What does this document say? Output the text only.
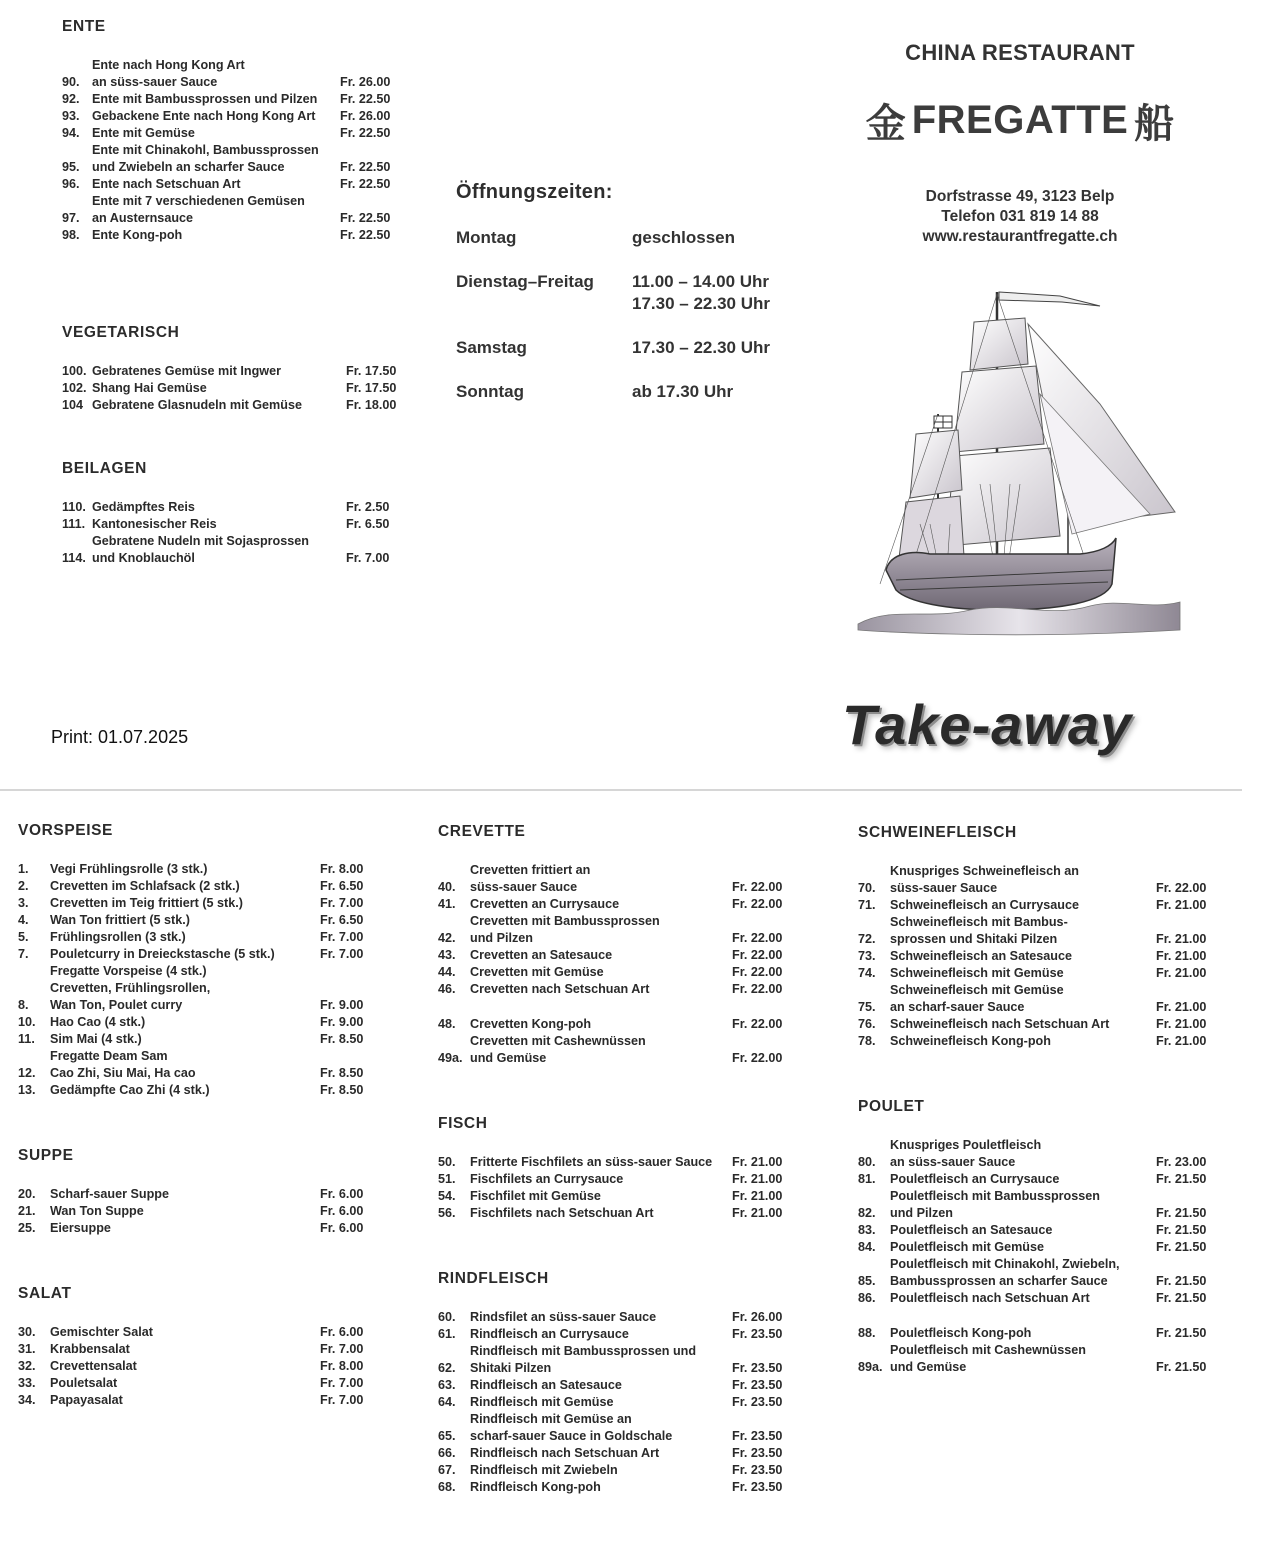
ENTE
90.
Ente nach Hong Kong Art
an süss-sauer Sauce	Fr. 26.00
92. Ente mit Bambussprossen und Pilzen	Fr. 22.50
93. Gebackene Ente nach Hong Kong Art	Fr. 26.00
94. Ente mit Gemüse	Fr. 22.50
95.
Ente mit Chinakohl, Bambussprossen
und Zwiebeln an scharfer Sauce	Fr. 22.50
96. Ente nach Setschuan Art	Fr. 22.50
97.
Ente mit 7 verschiedenen Gemüsen
an Austernsauce	Fr. 22.50
98. Ente Kong-poh	Fr. 22.50
VEGETARISCH
100. Gebratenes Gemüse mit Ingwer	Fr. 17.50
102. Shang Hai Gemüse	Fr. 17.50
104 Gebratene Glasnudeln mit Gemüse	Fr. 18.00
BEILAGEN
110. Gedämpftes Reis	Fr. 2.50
111. Kantonesischer Reis	Fr. 6.50
114.
Gebratene Nudeln mit Sojasprossen
und Knoblauchöl	Fr. 7.00
Öffnungszeiten:
Montag	geschlossen
Dienstag–Freitag	11.00 – 14.00 Uhr
17.30 – 22.30 Uhr
Samstag	17.30 – 22.30 Uhr
Sonntag	ab 17.30 Uhr
CHINA RESTAURANT
金 FREGATTE 船
Dorfstrasse 49, 3123 Belp
Telefon 031 819 14 88
www.restaurantfregatte.ch
Take-away
Print: 01.07.2025
VORSPEISE
1.	Vegi Frühlingsrolle (3 stk.)	Fr. 8.00
2.	Crevetten im Schlafsack (2 stk.)	Fr. 6.50
3.	Crevetten im Teig frittiert (5 stk.)	Fr. 7.00
4.	Wan Ton frittiert (5 stk.)	Fr. 6.50
5.	Frühlingsrollen (3 stk.)	Fr. 7.00
7.	Pouletcurry in Dreieckstasche (5 stk.)	Fr. 7.00
8.
Fregatte Vorspeise (4 stk.)
Crevetten, Frühlingsrollen,
Wan Ton, Poulet curry	Fr. 9.00
10.	Hao Cao (4 stk.)	Fr. 9.00
11.	Sim Mai (4 stk.)	Fr. 8.50
12.
Fregatte Deam Sam
Cao Zhi, Siu Mai, Ha cao	Fr. 8.50
13.	Gedämpfte Cao Zhi (4 stk.)	Fr. 8.50
SUPPE
20.	Scharf-sauer Suppe	Fr. 6.00
21.	Wan Ton Suppe	Fr. 6.00
25.	Eiersuppe	Fr. 6.00
SALAT
30.	Gemischter Salat	Fr. 6.00
31.	Krabbensalat	Fr. 7.00
32.	Crevettensalat	Fr. 8.00
33.	Pouletsalat	Fr. 7.00
34.	Papayasalat	Fr. 7.00
CREVETTE
40.
Crevetten frittiert an
süss-sauer Sauce	Fr. 22.00
41.	Crevetten an Currysauce	Fr. 22.00
42.
Crevetten mit Bambussprossen
und Pilzen	Fr. 22.00
43.	Crevetten an Satesauce	Fr. 22.00
44.	Crevetten mit Gemüse	Fr. 22.00
46.	Crevetten nach Setschuan Art	Fr. 22.00
48.	Crevetten Kong-poh	Fr. 22.00
49a.
Crevetten mit Cashewnüssen
und Gemüse	Fr. 22.00
FISCH
50.	Fritterte Fischfilets an süss-sauer Sauce	Fr. 21.00
51.	Fischfilets an Currysauce	Fr. 21.00
54.	Fischfilet mit Gemüse	Fr. 21.00
56.	Fischfilets nach Setschuan Art	Fr. 21.00
RINDFLEISCH
60.	Rindsfilet an süss-sauer Sauce	Fr. 26.00
61.	Rindfleisch an Currysauce	Fr. 23.50
62.
Rindfleisch mit Bambussprossen und
Shitaki Pilzen	Fr. 23.50
63.	Rindfleisch an Satesauce	Fr. 23.50
64.	Rindfleisch mit Gemüse	Fr. 23.50
65.
Rindfleisch mit Gemüse an
scharf-sauer Sauce in Goldschale	Fr. 23.50
66.	Rindfleisch nach Setschuan Art	Fr. 23.50
67.	Rindfleisch mit Zwiebeln	Fr. 23.50
68.	Rindfleisch Kong-poh	Fr. 23.50
SCHWEINEFLEISCH
70.
Knuspriges Schweinefleisch an
süss-sauer Sauce	Fr. 22.00
71.	Schweinefleisch an Currysauce	Fr. 21.00
72.
Schweinefleisch mit Bambus-
sprossen und Shitaki Pilzen	Fr. 21.00
73.	Schweinefleisch an Satesauce	Fr. 21.00
74.	Schweinefleisch mit Gemüse	Fr. 21.00
75.
Schweinefleisch mit Gemüse
an scharf-sauer Sauce	Fr. 21.00
76.	Schweinefleisch nach Setschuan Art	Fr. 21.00
78.	Schweinefleisch Kong-poh	Fr. 21.00
POULET
80.
Knuspriges Pouletfleisch
an süss-sauer Sauce	Fr. 23.00
81.	Pouletfleisch an Currysauce	Fr. 21.50
82.
Pouletfleisch mit Bambussprossen
und Pilzen	Fr. 21.50
83.	Pouletfleisch an Satesauce	Fr. 21.50
84.	Pouletfleisch mit Gemüse	Fr. 21.50
85.
Pouletfleisch mit Chinakohl, Zwiebeln,
Bambussprossen an scharfer Sauce	Fr. 21.50
86.	Pouletfleisch nach Setschuan Art	Fr. 21.50
88.	Pouletfleisch Kong-poh	Fr. 21.50
89a.
Pouletfleisch mit Cashewnüssen
und Gemüse	Fr. 21.50
